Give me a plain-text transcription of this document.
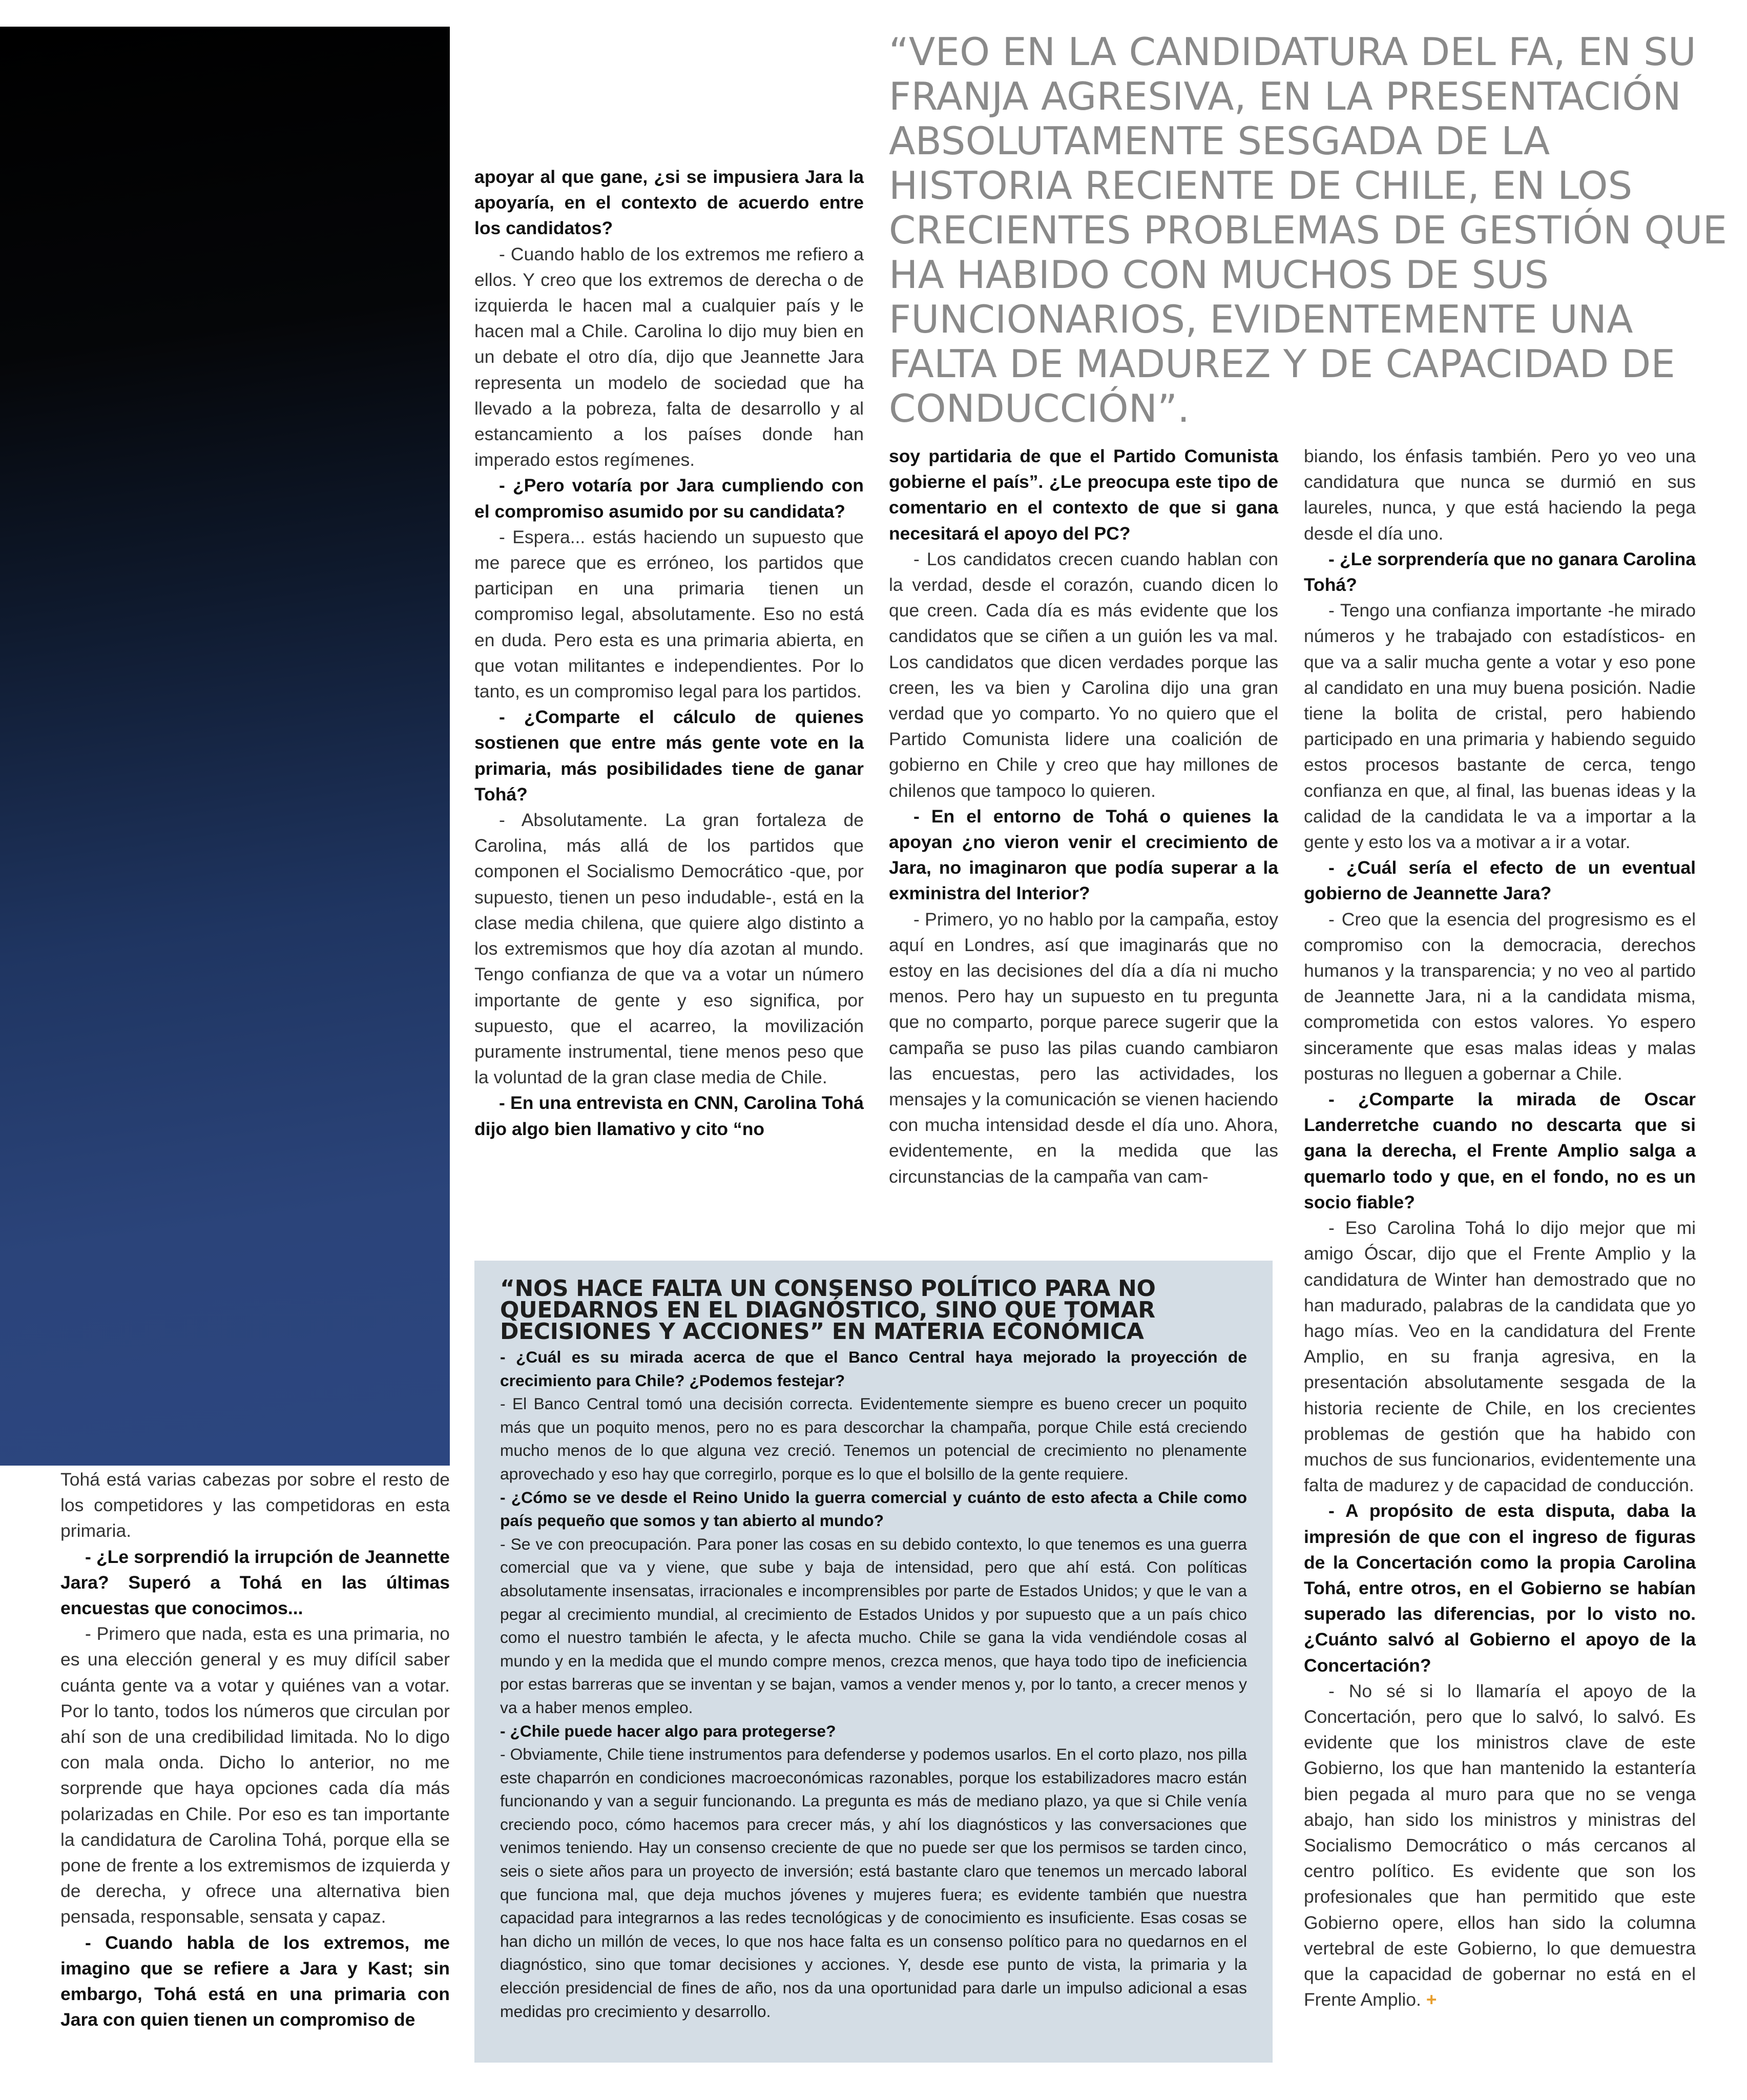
“VEO EN LA CANDIDATURA DEL FA, EN SU FRANJA AGRESIVA, EN LA PRESENTACIÓN ABSOLUTAMENTE SESGADA DE LA HISTORIA RECIENTE DE CHILE, EN LOS CRECIENTES PROBLEMAS DE GESTIÓN QUE HA HABIDO CON MUCHOS DE SUS FUNCIONARIOS, EVIDENTEMENTE UNA FALTA DE MADUREZ Y DE CAPACIDAD DE CONDUCCIÓN”.

Tohá está varias cabezas por sobre el resto de los competidores y las competidoras en esta primaria.

- ¿Le sorprendió la irrupción de Jeannette Jara? Superó a Tohá en las últimas encuestas que conocimos...

- Primero que nada, esta es una primaria, no es una elección general y es muy difícil saber cuánta gente va a votar y quiénes van a votar. Por lo tanto, todos los números que circulan por ahí son de una credibilidad limitada. No lo digo con mala onda. Dicho lo anterior, no me sorprende que haya opciones cada día más polarizadas en Chile. Por eso es tan importante la candidatura de Carolina Tohá, porque ella se pone de frente a los extremismos de izquierda y de derecha, y ofrece una alternativa bien pensada, responsable, sensata y capaz.

- Cuando habla de los extremos, me imagino que se refiere a Jara y Kast; sin embargo, Tohá está en una primaria con Jara con quien tienen un compromiso de

apoyar al que gane, ¿si se impusiera Jara la apoyaría, en el contexto de acuerdo entre los candidatos?

- Cuando hablo de los extremos me refiero a ellos. Y creo que los extremos de derecha o de izquierda le hacen mal a cualquier país y le hacen mal a Chile. Carolina lo dijo muy bien en un debate el otro día, dijo que Jeannette Jara representa un modelo de sociedad que ha llevado a la pobreza, falta de desarrollo y al estancamiento a los países donde han imperado estos regímenes.

- ¿Pero votaría por Jara cumpliendo con el compromiso asumido por su candidata?

- Espera... estás haciendo un supuesto que me parece que es erróneo, los partidos que participan en una primaria tienen un compromiso legal, absolutamente. Eso no está en duda. Pero esta es una primaria abierta, en que votan militantes e independientes. Por lo tanto, es un compromiso legal para los partidos.

- ¿Comparte el cálculo de quienes sostienen que entre más gente vote en la primaria, más posibilidades tiene de ganar Tohá?

- Absolutamente. La gran fortaleza de Carolina, más allá de los partidos que componen el Socialismo Democrático -que, por supuesto, tienen un peso indudable-, está en la clase media chilena, que quiere algo distinto a los extremismos que hoy día azotan al mundo. Tengo confianza de que va a votar un número importante de gente y eso significa, por supuesto, que el acarreo, la movilización puramente instrumental, tiene menos peso que la voluntad de la gran clase media de Chile.

- En una entrevista en CNN, Carolina Tohá dijo algo bien llamativo y cito “no

soy partidaria de que el Partido Comunista gobierne el país”. ¿Le preocupa este tipo de comentario en el contexto de que si gana necesitará el apoyo del PC?

- Los candidatos crecen cuando hablan con la verdad, desde el corazón, cuando dicen lo que creen. Cada día es más evidente que los candidatos que se ciñen a un guión les va mal. Los candidatos que dicen verdades porque las creen, les va bien y Carolina dijo una gran verdad que yo comparto. Yo no quiero que el Partido Comunista lidere una coalición de gobierno en Chile y creo que hay millones de chilenos que tampoco lo quieren.

- En el entorno de Tohá o quienes la apoyan ¿no vieron venir el crecimiento de Jara, no imaginaron que podía superar a la exministra del Interior?

- Primero, yo no hablo por la campaña, estoy aquí en Londres, así que imaginarás que no estoy en las decisiones del día a día ni mucho menos. Pero hay un supuesto en tu pregunta que no comparto, porque parece sugerir que la campaña se puso las pilas cuando cambiaron las encuestas, pero las actividades, los mensajes y la comunicación se vienen haciendo con mucha intensidad desde el día uno. Ahora, evidentemente, en la medida que las circunstancias de la campaña van cam-

biando, los énfasis también. Pero yo veo una candidatura que nunca se durmió en sus laureles, nunca, y que está haciendo la pega desde el día uno.

- ¿Le sorprendería que no ganara Carolina Tohá?

- Tengo una confianza importante -he mirado números y he trabajado con estadísticos- en que va a salir mucha gente a votar y eso pone al candidato en una muy buena posición. Nadie tiene la bolita de cristal, pero habiendo participado en una primaria y habiendo seguido estos procesos bastante de cerca, tengo confianza en que, al final, las buenas ideas y la calidad de la candidata le va a importar a la gente y esto los va a motivar a ir a votar.

- ¿Cuál sería el efecto de un eventual gobierno de Jeannette Jara?

- Creo que la esencia del progresismo es el compromiso con la democracia, derechos humanos y la transparencia; y no veo al partido de Jeannette Jara, ni a la candidata misma, comprometida con estos valores. Yo espero sinceramente que esas malas ideas y malas posturas no lleguen a gobernar a Chile.

- ¿Comparte la mirada de Oscar Landerretche cuando no descarta que si gana la derecha, el Frente Amplio salga a quemarlo todo y que, en el fondo, no es un socio fiable?

- Eso Carolina Tohá lo dijo mejor que mi amigo Óscar, dijo que el Frente Amplio y la candidatura de Winter han demostrado que no han madurado, palabras de la candidata que yo hago mías. Veo en la candidatura del Frente Amplio, en su franja agresiva, en la presentación absolutamente sesgada de la historia reciente de Chile, en los crecientes problemas de gestión que ha habido con muchos de sus funcionarios, evidentemente una falta de madurez y de capacidad de conducción.

- A propósito de esta disputa, daba la impresión de que con el ingreso de figuras de la Concertación como la propia Carolina Tohá, entre otros, en el Gobierno se habían superado las diferencias, por lo visto no. ¿Cuánto salvó al Gobierno el apoyo de la Concertación?

- No sé si lo llamaría el apoyo de la Concertación, pero que lo salvó, lo salvó. Es evidente que los ministros clave de este Gobierno, los que han mantenido la estantería bien pegada al muro para que no se venga abajo, han sido los ministros y ministras del Socialismo Democrático o más cercanos al centro político. Es evidente que son los profesionales que han permitido que este Gobierno opere, ellos han sido la columna vertebral de este Gobierno, lo que demuestra que la capacidad de gobernar no está en el Frente Amplio. +

“NOS HACE FALTA UN CONSENSO POLÍTICO PARA NO QUEDARNOS EN EL DIAGNÓSTICO, SINO QUE TOMAR DECISIONES Y ACCIONES” EN MATERIA ECONÓMICA

- ¿Cuál es su mirada acerca de que el Banco Central haya mejorado la proyección de crecimiento para Chile? ¿Podemos festejar?

- El Banco Central tomó una decisión correcta. Evidentemente siempre es bueno crecer un poquito más que un poquito menos, pero no es para descorchar la champaña, porque Chile está creciendo mucho menos de lo que alguna vez creció. Tenemos un potencial de crecimiento no plenamente aprovechado y eso hay que corregirlo, porque es lo que el bolsillo de la gente requiere.

- ¿Cómo se ve desde el Reino Unido la guerra comercial y cuánto de esto afecta a Chile como país pequeño que somos y tan abierto al mundo?

- Se ve con preocupación. Para poner las cosas en su debido contexto, lo que tenemos es una guerra comercial que va y viene, que sube y baja de intensidad, pero que ahí está. Con políticas absolutamente insensatas, irracionales e incomprensibles por parte de Estados Unidos; y que le van a pegar al crecimiento mundial, al crecimiento de Estados Unidos y por supuesto que a un país chico como el nuestro también le afecta, y le afecta mucho. Chile se gana la vida vendiéndole cosas al mundo y en la medida que el mundo compre menos, crezca menos, que haya todo tipo de ineficiencia por estas barreras que se inventan y se bajan, vamos a vender menos y, por lo tanto, a crecer menos y va a haber menos empleo.

- ¿Chile puede hacer algo para protegerse?

- Obviamente, Chile tiene instrumentos para defenderse y podemos usarlos. En el corto plazo, nos pilla este chaparrón en condiciones macroeconómicas razonables, porque los estabilizadores macro están funcionando y van a seguir funcionando. La pregunta es más de mediano plazo, ya que si Chile venía creciendo poco, cómo hacemos para crecer más, y ahí los diagnósticos y las conversaciones que venimos teniendo. Hay un consenso creciente de que no puede ser que los permisos se tarden cinco, seis o siete años para un proyecto de inversión; está bastante claro que tenemos un mercado laboral que funciona mal, que deja muchos jóvenes y mujeres fuera; es evidente también que nuestra capacidad para integrarnos a las redes tecnológicas y de conocimiento es insuficiente. Esas cosas se han dicho un millón de veces, lo que nos hace falta es un consenso político para no quedarnos en el diagnóstico, sino que tomar decisiones y acciones. Y, desde ese punto de vista, la primaria y la elección presidencial de fines de año, nos da una oportunidad para darle un impulso adicional a esas medidas pro crecimiento y desarrollo.
